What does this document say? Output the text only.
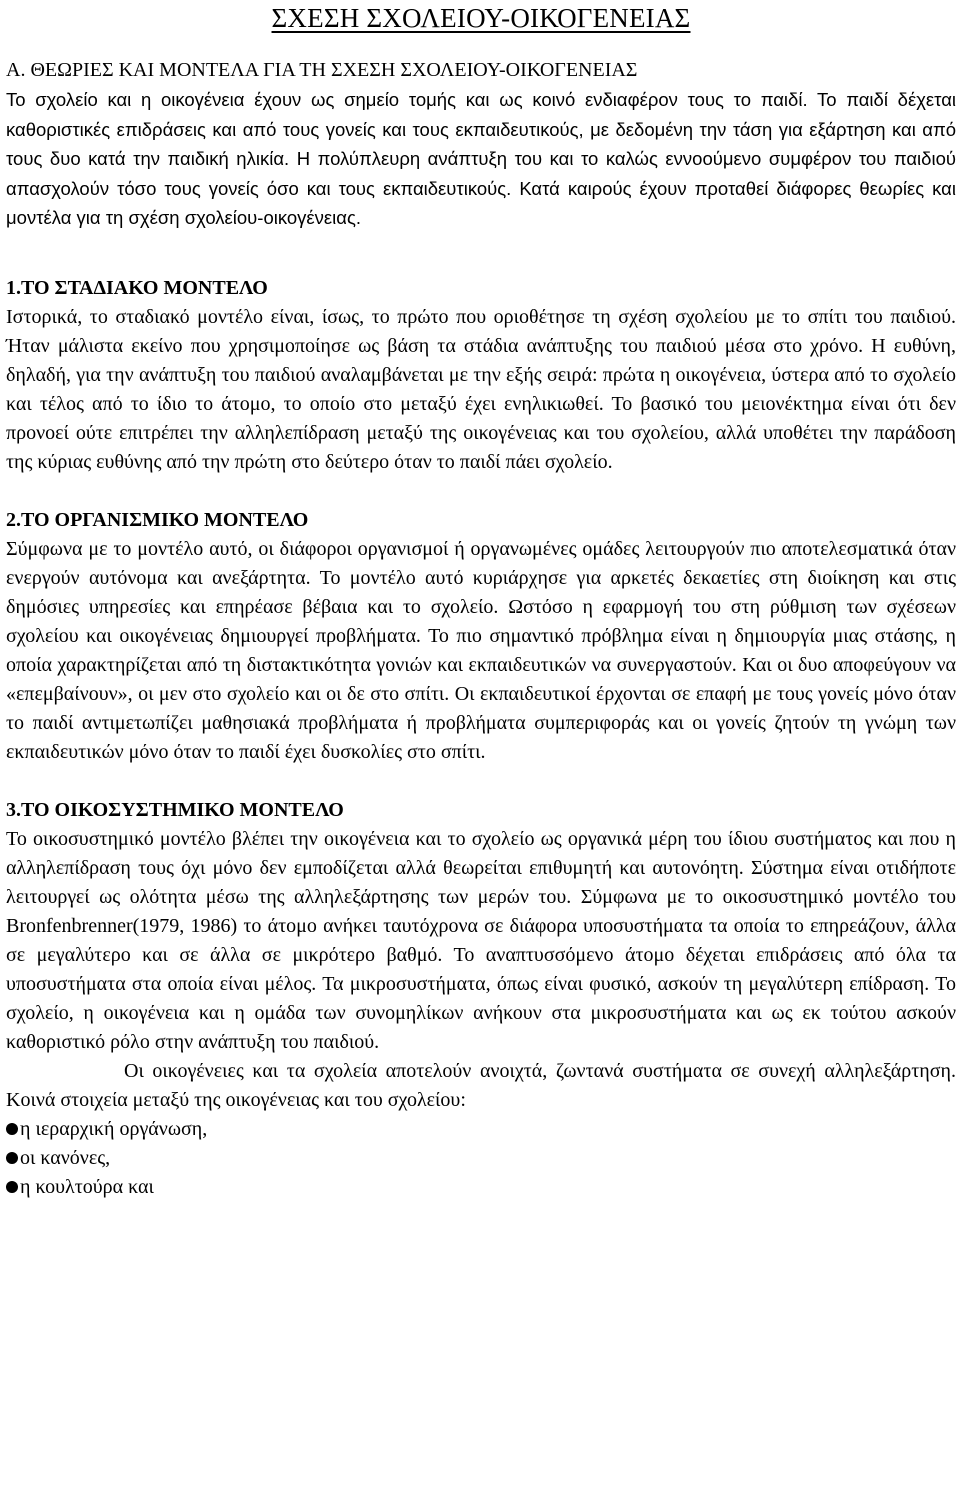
ΣΧΕΣΗ ΣΧΟΛΕΙΟΥ-ΟΙΚΟΓΕΝΕΙΑΣ
Α. ΘΕΩΡΙΕΣ ΚΑΙ ΜΟΝΤΕΛΑ ΓΙΑ ΤΗ ΣΧΕΣΗ ΣΧΟΛΕΙΟΥ-ΟΙΚΟΓΕΝΕΙΑΣ

Το σχολείο και η οικογένεια έχουν ως σημείο τομής και ως κοινό ενδιαφέρον τους το παιδί. Το παιδί δέχεται καθοριστικές επιδράσεις και από τους γονείς και τους εκπαιδευτικούς, με δεδομένη την τάση για εξάρτηση και από τους δυο κατά την παιδική ηλικία. Η πολύπλευρη ανάπτυξη του και το καλώς εννοούμενο συμφέρον του παιδιού απασχολούν τόσο τους γονείς όσο και τους εκπαιδευτικούς. Κατά καιρούς έχουν προταθεί διάφορες θεωρίες και μοντέλα για τη σχέση σχολείου-οικογένειας.

1.ΤΟ ΣΤΑΔΙΑΚΟ ΜΟΝΤΕΛΟ

Ιστορικά, το σταδιακό μοντέλο είναι, ίσως, το πρώτο που οριοθέτησε τη σχέση σχολείου με το σπίτι του παιδιού. Ήταν μάλιστα εκείνο που χρησιμοποίησε ως βάση τα στάδια ανάπτυξης του παιδιού μέσα στο χρόνο. Η ευθύνη, δηλαδή, για την ανάπτυξη του παιδιού αναλαμβάνεται με την εξής σειρά: πρώτα η οικογένεια, ύστερα από το σχολείο και τέλος από το ίδιο το άτομο, το οποίο στο μεταξύ έχει ενηλικιωθεί. Το βασικό του μειονέκτημα είναι ότι δεν προνοεί ούτε επιτρέπει την αλληλεπίδραση μεταξύ της οικογένειας και του σχολείου, αλλά υποθέτει την παράδοση της κύριας ευθύνης από την πρώτη στο δεύτερο όταν το παιδί πάει σχολείο.

2.ΤΟ ΟΡΓΑΝΙΣΜΙΚΟ ΜΟΝΤΕΛΟ

Σύμφωνα με το μοντέλο αυτό, οι διάφοροι οργανισμοί ή οργανωμένες ομάδες λειτουργούν πιο αποτελεσματικά όταν ενεργούν αυτόνομα και ανεξάρτητα. Το μοντέλο αυτό κυριάρχησε για αρκετές δεκαετίες στη διοίκηση και στις δημόσιες υπηρεσίες και επηρέασε βέβαια και το σχολείο. Ωστόσο η εφαρμογή του στη ρύθμιση των σχέσεων σχολείου και οικογένειας δημιουργεί προβλήματα. Το πιο σημαντικό πρόβλημα είναι η δημιουργία μιας στάσης, η οποία χαρακτηρίζεται από τη διστακτικότητα γονιών και εκπαιδευτικών να συνεργαστούν. Και οι δυο αποφεύγουν να «επεμβαίνουν», οι μεν στο σχολείο και οι δε στο σπίτι. Οι εκπαιδευτικοί έρχονται σε επαφή με τους γονείς μόνο όταν το παιδί αντιμετωπίζει μαθησιακά προβλήματα ή προβλήματα συμπεριφοράς και οι γονείς ζητούν τη γνώμη των εκπαιδευτικών μόνο όταν το παιδί έχει δυσκολίες στο σπίτι.

3.ΤΟ ΟΙΚΟΣΥΣΤΗΜΙΚΟ ΜΟΝΤΕΛΟ

Το οικοσυστημικό μοντέλο βλέπει την οικογένεια και το σχολείο ως οργανικά μέρη του ίδιου συστήματος και που η αλληλεπίδραση τους όχι μόνο δεν εμποδίζεται αλλά θεωρείται επιθυμητή και αυτονόητη. Σύστημα είναι οτιδήποτε λειτουργεί ως ολότητα μέσω της αλληλεξάρτησης των μερών του. Σύμφωνα με το οικοσυστημικό μοντέλο του Bronfenbrenner(1979, 1986) το άτομο ανήκει ταυτόχρονα σε διάφορα υποσυστήματα τα οποία το επηρεάζουν, άλλα σε μεγαλύτερο και σε άλλα σε μικρότερο βαθμό. Το αναπτυσσόμενο άτομο δέχεται επιδράσεις από όλα τα υποσυστήματα στα οποία είναι μέλος. Τα μικροσυστήματα, όπως είναι φυσικό, ασκούν τη μεγαλύτερη επίδραση. Το σχολείο, η οικογένεια και η ομάδα των συνομηλίκων ανήκουν στα μικροσυστήματα και ως εκ τούτου ασκούν καθοριστικό ρόλο στην ανάπτυξη του παιδιού.

Οι οικογένειες και τα σχολεία αποτελούν ανοιχτά, ζωντανά συστήματα σε συνεχή αλληλεξάρτηση. Κοινά στοιχεία μεταξύ της οικογένειας και του σχολείου:

η ιεραρχική οργάνωση,
οι κανόνες,
η κουλτούρα και
